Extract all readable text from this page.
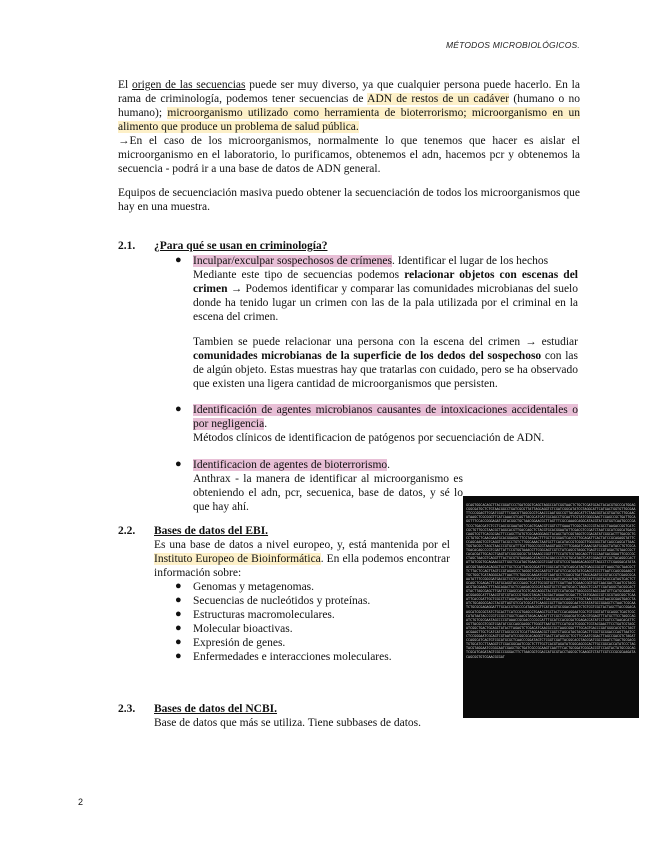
MÉTODOS MICROBIOLÓGICOS.
El origen de las secuencias puede ser muy diverso, ya que cualquier persona puede hacerlo. En la rama de criminología, podemos tener secuencias de ADN de restos de un cadáver (humano o no humano); microorganismo utilizado como herramienta de bioterrorismo; microorganismo en un alimento que produce un problema de salud pública.
→En el caso de los microorganismos, normalmente lo que tenemos que hacer es aislar el microorganismo en el laboratorio, lo purificamos, obtenemos el adn, hacemos pcr y obtenemos la secuencia - podrá ir a una base de datos de ADN general.
Equipos de secuenciación masiva puedo obtener la secuenciación de todos los microorganismos que hay en una muestra.
2.1. ¿Para qué se usan en criminología?
● Inculpar/exculpar sospechosos de crímenes. Identificar el lugar de los hechos
Mediante este tipo de secuencias podemos relacionar objetos con escenas del crimen → Podemos identificar y comparar las comunidades microbianas del suelo donde ha tenido lugar un crimen con las de la pala utilizada por el criminal en la escena del crimen.
Tambien se puede relacionar una persona con la escena del crimen → estudiar comunidades microbianas de la superficie de los dedos del sospechoso con las de algún objeto. Estas muestras hay que tratarlas con cuidado, pero se ha observado que existen una ligera cantidad de microorganismos que persisten.
● Identificación de agentes microbianos causantes de intoxicaciones accidentales o por negligencia.
Métodos clínicos de identificacion de patógenos por secuenciación de ADN.
● Identificacion de agentes de bioterrorismo.
Anthrax - la manera de identificar al microorganismo es obteniendo el adn, pcr, secuenica, base de datos, y sé lo que hay ahí.	
GCAGTGGCACAGCTTACCGGATCCCTGATCGGTCAGCTAGGCCATCGGTAACTCTGCTCGATGCACTACACGTGCCCATGGAGCGGCGATGCTCTGTAACGGCCTGATCGCGTTATTAGCAGGTCTCGATCGGCATATCGTAGGCATTCATGACTGGTGTTGCGAATTCCCGGAGTTCGATCGGTTTCGACGTTAGCGCGTCAACCCAATGGCCGTTACAGCATTCTAACGGTACGTGATGCTTGCAACATAAGCTCGCGGGTTCATCAAACGTCAGTTACGCATCATCGCAGCCTGCAATTCGTATCGGGCAACTCGAGCCGCTGATTGCAGGTTTCCACCGGGAGATCGTACGGCTGCTAACGGAACGCTTAGTTTCGCCAAAGCAGGCATACGTATCGTGGTCAATGCCCGATCCCTGACGATCTCCTCAGCGCGAATAGTCCAGTGAACGTCGGTCTTGAAATTCGGCTACCCGTACGCCTAAGACCGGTCATCCGCTGTTGCGTAACGCTAGGCACGTTGACCAGCTCTACGTGCACGGAATATTCGACGTCCGATCTAATCGCATCGGCATGACGCAAGTCGTTCACGCGACTTCCAGCTTATGTCGCAAGGGAGCTACAGCTATCGGTAGGTCCGACATATCGGCACTTTGACGCTGCCTATGCTCAACGAATGCACGGAGGCTTCGTAGAACTTTGCTGCGGAGTCACCGTTGCAGATTCACTATCCGCAGAGGTATTCCCAGCAAGTCGTCAGGTTACGCCTGTCTTGGCAAACTAATGCTTCACATACCGTCGGGTTGGCGGCTATCAGCCAGCATTAACTGGTACGCCTAGCTAACCCGTGCATTTCATTGGCCGCGTAAGGTAGCCTTTCGAGATCAAACGATGCAGCTATACCTGTCGCATGACACAGCCCGTCGATTATTCCGTGGTAAACGTTCGGCAGTCGTCTATCAGCGTAGGCTGAGTCCCGTAGACTGTAACCGCTCACACGATTGCACCTGAGTATCGGCGGCGCTATAAAGCCGGTTTTCCATGTCGTAGCAGCTTCCCAATGACGGAATTCGCCGCCTAGCTAACGTCAGGTTTACTGCGTGTAGGAGCATACGTACGACCCGTCGTGCATAGTCATCGGAGTGTCGCTACAGGCCACTATTATCGGTGCAGAACGCTTGGCTCCATAGTGAACGCGTCGATCGTGTCCGTAAAGACAGCGTTAGCCTCTCGAGGACATATAACCGGTAAGCACAGGCTGCTTGCTCCATTACGCGGATTTCGGCCATCTATCAGCATAGTGAGCCGCGTTAAGCTGCTAACGCTTCTTACTCCAGTTAGTCCGTAGAGCCCTAGGGTCACCAATGCTCATGTCCACGGTATCGACGTCCCTTAATCCAGCGGAAGCTTGCTGGCTCATAGGGCACTTAACTTCTGGCGCAAGATCGTCAATGCCTCGACGTGATTAGCAGATGCCGTACCGTCGAGCGCAAATATTTCCGGCGATGACGCTCGTCCAGAATGCATGCTTGCCCAGTCACCGATAGTCGGTATTCGGTACGCCATAGTCACTCTGCAGCTCGAGACTTCATGCAGGTACCCGAGCTCATTGCGGTGCTTCGATTAATCGAACCGGTGGTCAACGACTCAATCGTACGACGTACGAAGCTTTAGCAGACTGCTCCAAGACGCGCATAGGTGCTCTAATGCACCTAGGCTCCATTCGATAGGCTACGGCACTGTACTTAGCGAGCTTGATCTCGAGCCATCGTCAGCAGGCTACCGTCCATACGATTAGCGCGTAGCCAATGTTCATGCGAACGCACGGAGGCATTTAACGTGTCGTACCCGTGACGTAGACTACGACTAGAATGCGACTTCTATGGAGCCGTCGCGTAGCGGCTCAAATTCACCGATTGCTCGCCTCTAGATGAGTACGGTCCATTGACGCACGCCAGCCTTTGCTAACCGTAGTAACGCGAGTGACCTAATCTGCAGGCGACCTACGTTAGTGTCCATCGCATTCAAGCCGCTTGATCGGGCAATCGTATATGCCGGAGCTCTAACTCGCAATCTGCGCGAGAGGATTTGCACCGTGCCCCATAACGGTTCATACGTGCGGACCAAGTCTGTCGTCGCTACTAGCTTACCGGACAAGCATCGCGGTATCTGCACTTCATCCGTGAGCGTGAAGCTGCTACTCCACAGGAATCGCTGTCGGTATTGCAGGCTCAGTCGCCATATAATACCCCGTCCGCCTGGCTCAACGTAGACAACATTCTCGCTCGGACGATCCACGTGGAGTTTATGCTTCCTAGCCAGATCTGTCGCGAATAGCCCCGTAAACCGCGACCCCGCCATTTGCATCCACGCGATCGAGACCATATCCTGGTCCTAACACATTCGGTTACGCGTCGGTCGATATCGCCAGCGAGGCTTGGGTTAATGCTTCCATGCATCGGGCTCGTACGAACTTCCTGATCGTAGCATCGGCTGACTGCAGCTATACTTAGAGTCTCGACATCAACGCCGCTAAGCGGATTTGCAGTGACCCGATGGGCACGTCCTAGTACGAAGTTGCTCATCATCTAGCGCCGTCCATTAGGAACGCTCGGTCTAGCATAGTACGACTTCGCTGCGGACCCAGTTAATCCCTCCGGGAATCGCAGTCGTAATATCCGGCGCACAGGGTTGACTCATAGCGCTCGTTCCAATCGGACTTAGCCGACGTCTAGATCCAGGCATCAGTGTCGCATGCGCTCAACCCGGATAGTCTCGGTCGATTACGGCACGTAGCGATCGCCGAATCTGACTGCGACGTGTGCATCCTTAAGGTCTCGACGGCAATCCGCTCTTTGCTCACGTAGATATCGGCAGCGCACTTGCCGGCACCATATCCCTAGTACGTAGGAATCCGGCAATCGAGCTGCTGATCGCCGCAAGTCAATTTCACTGCGGATCGGCACCGTCCAGTACTATGCCGCAGTCGCATCAGATAGTCGCCCGGGACTTCTTAACGGTCGACCATGCGTACCTAGCGCTCAAGGTCTATTCGTCCCGCGCAAGATACAGCGGTGTCGAACGCGAT

2.2. Bases de datos del EBI.
Es una base de datos a nivel europeo, y, está mantenida por el Instituto Europeo de Bioinformática. En ella podemos encontrar información sobre:
● Genomas y metagenomas.
● Secuencias de nucleótidos y proteínas.
● Estructuras macromoleculares.
● Molecular bioactivas.
● Expresión de genes.
● Enfermedades e interacciones moleculares.
2.3. Bases de datos del NCBI.
Base de datos que más se utiliza. Tiene subbases de datos.
2
